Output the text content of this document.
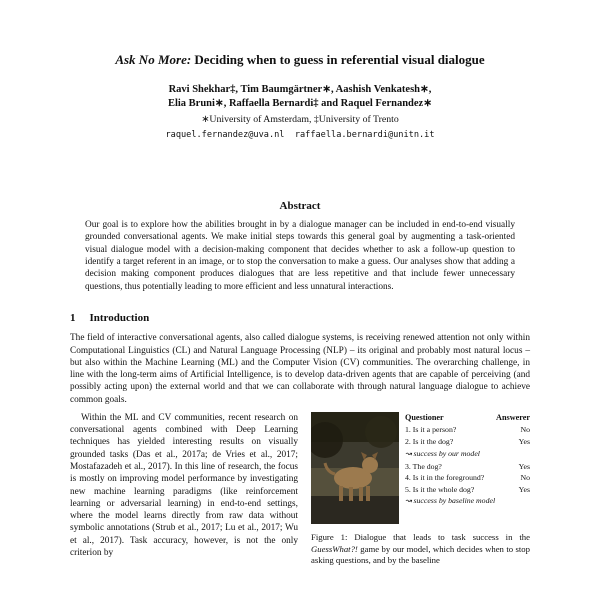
Ask No More: Deciding when to guess in referential visual dialogue
Ravi Shekhar‡, Tim Baumgärtner∗, Aashish Venkatesh∗,
Elia Bruni∗, Raffaella Bernardi‡ and Raquel Fernandez∗
∗University of Amsterdam, ‡University of Trento
raquel.fernandez@uva.nl  raffaella.bernardi@unitn.it
Abstract

Our goal is to explore how the abilities brought in by a dialogue manager can be included in end-to-end visually grounded conversational agents. We make initial steps towards this general goal by augmenting a task-oriented visual dialogue model with a decision-making component that decides whether to ask a follow-up question to identify a target referent in an image, or to stop the conversation to make a guess. Our analyses show that adding a decision making component produces dialogues that are less repetitive and that include fewer unnecessary questions, thus potentially leading to more efficient and less unnatural interactions.

1 Introduction

The field of interactive conversational agents, also called dialogue systems, is receiving renewed attention not only within Computational Linguistics (CL) and Natural Language Processing (NLP) – its original and probably most natural locus – but also within the Machine Learning (ML) and the Computer Vision (CV) communities. The overarching challenge, in line with the long-term aims of Artificial Intelligence, is to develop data-driven agents that are capable of perceiving (and possibly acting upon) the external world and that we can collaborate with through natural language dialogue to achieve common goals.

Within the ML and CV communities, recent research on conversational agents combined with Deep Learning techniques has yielded interesting results on visually grounded tasks (Das et al., 2017a; de Vries et al., 2017; Mostafazadeh et al., 2017). In this line of research, the focus is mostly on improving model performance by investigating new machine learning paradigms (like reinforcement learning or adversarial learning) in end-to-end settings, where the model learns directly from raw data without symbolic annotations (Strub et al., 2017; Lu et al., 2017; Wu et al., 2017). Task accuracy, however, is not the only criterion by

Questioner	Answerer
1. Is it a person?	No
2. Is it the dog?	Yes
↝ success by our model	
3. The dog?	Yes
4. Is it in the foreground?	No
5. Is it the whole dog?	Yes
↝ success by baseline model	

Figure 1: Dialogue that leads to task success in the GuessWhat?! game by our model, which decides when to stop asking questions, and by the baseline
